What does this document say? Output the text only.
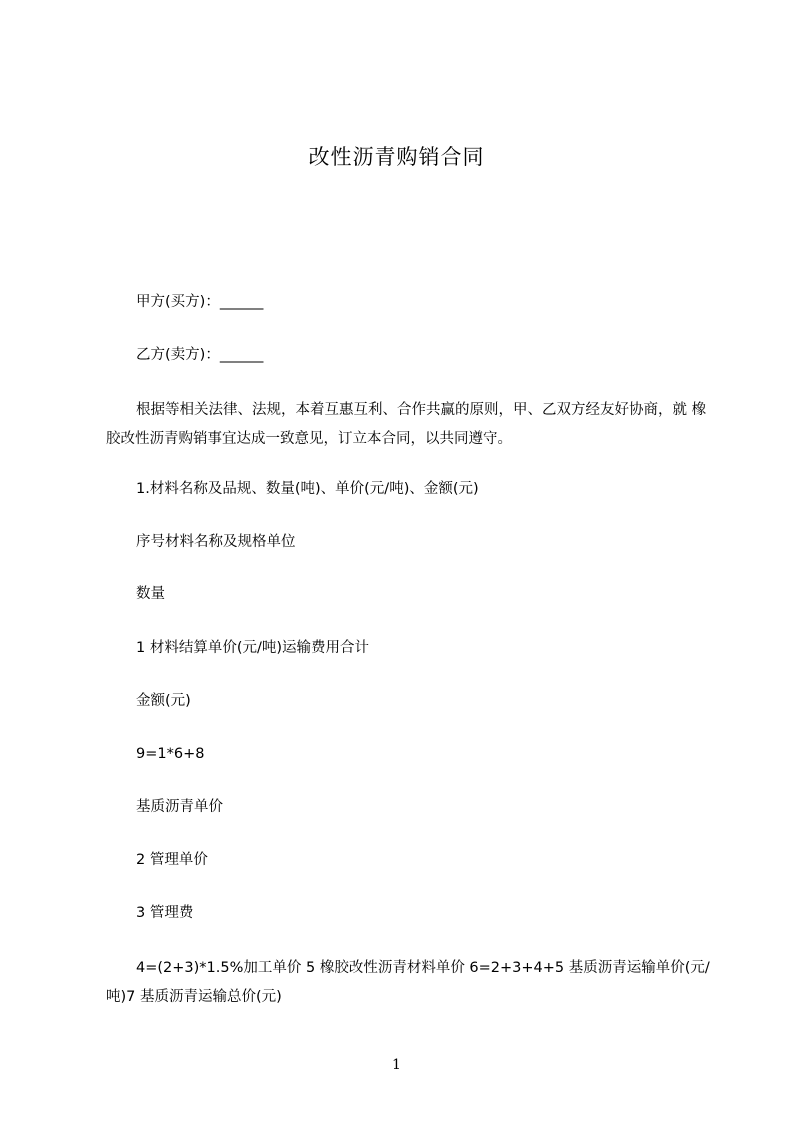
改性沥青购销合同
甲方(买方)：______
乙方(卖方)：______
根据等相关法律、法规，本着互惠互利、合作共赢的原则，甲、乙双方经友好协商，就 橡胶改性沥青购销事宜达成一致意见，订立本合同，以共同遵守。
1.材料名称及品规、数量(吨)、单价(元/吨)、金额(元)
序号材料名称及规格单位
数量
1 材料结算单价(元/吨)运输费用合计
金额(元)
9=1*6+8
基质沥青单价
2 管理单价
3 管理费
4=(2+3)*1.5%加工单价 5 橡胶改性沥青材料单价 6=2+3+4+5 基质沥青运输单价(元/吨)7 基质沥青运输总价(元)
1
